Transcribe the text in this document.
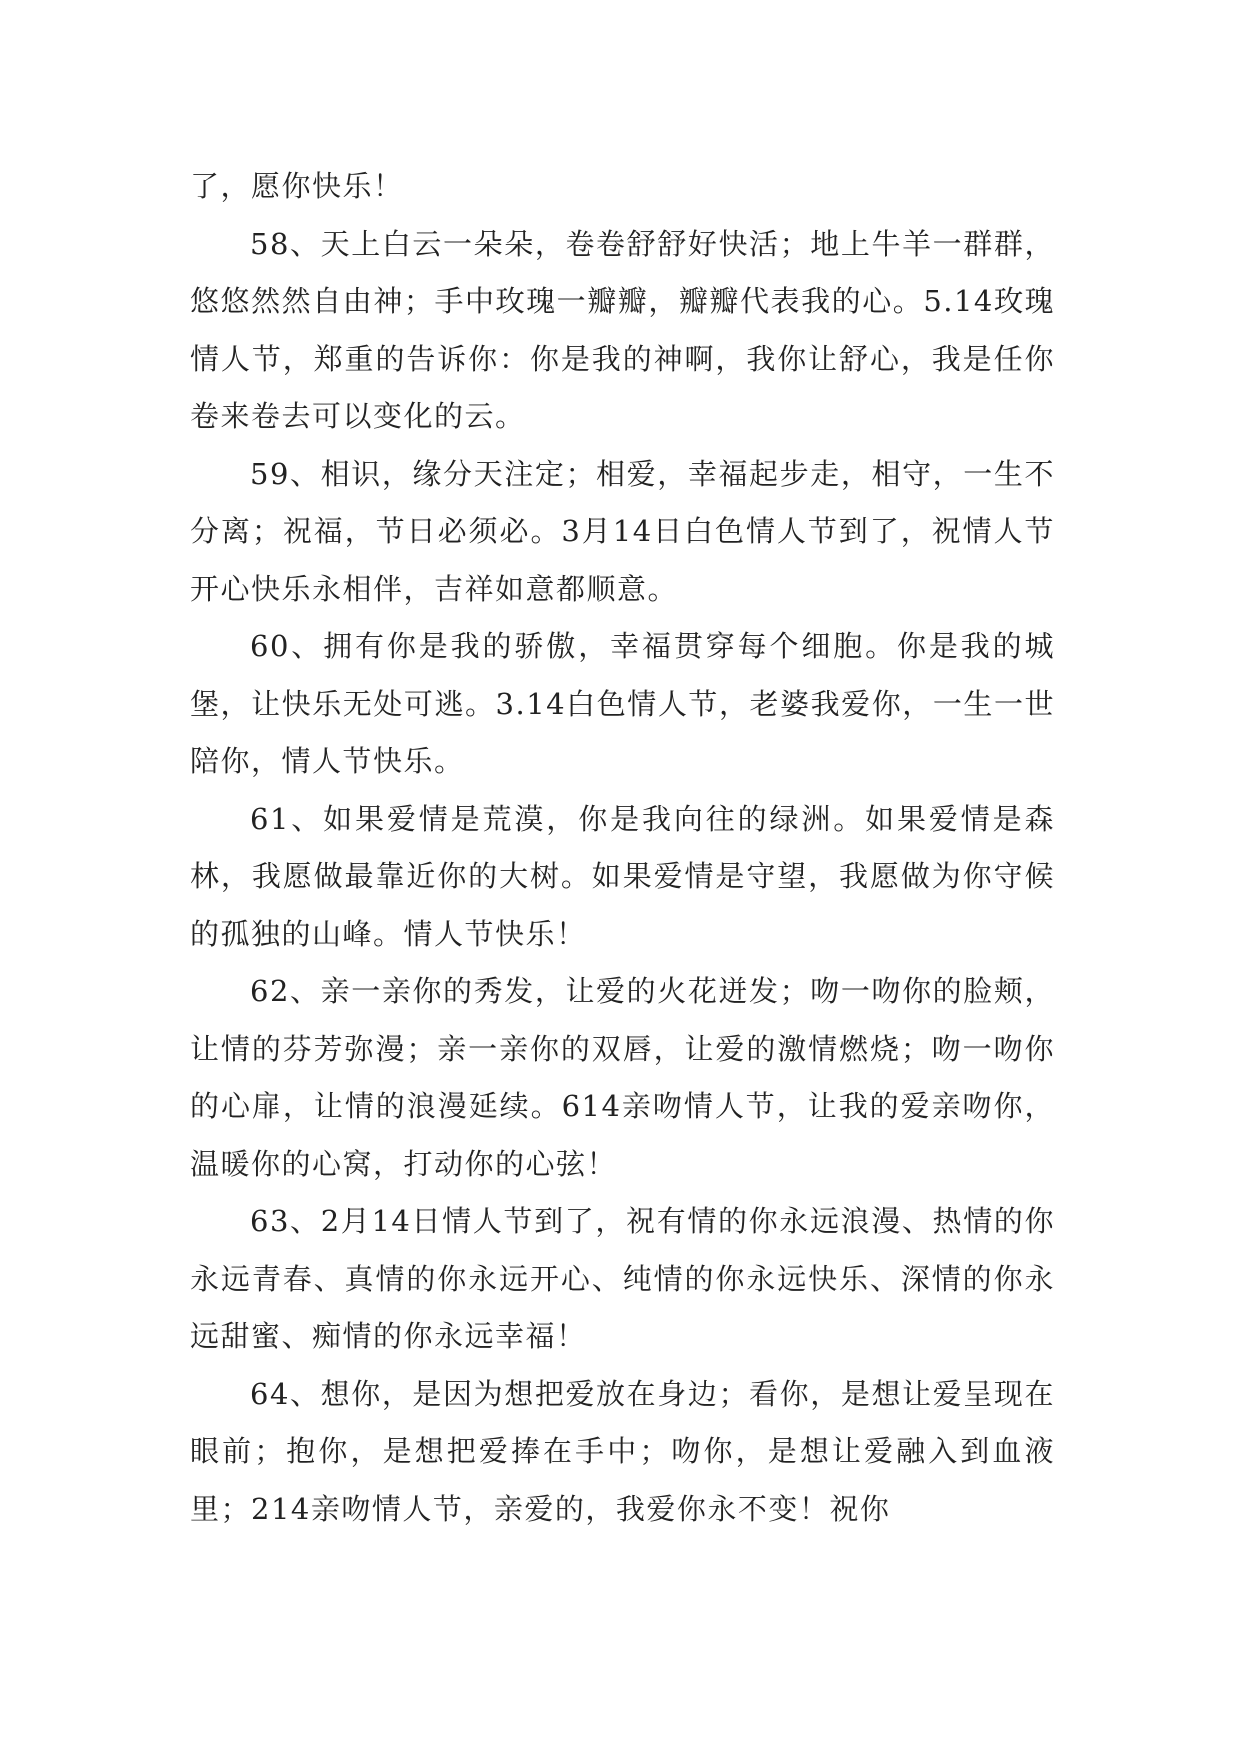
了，愿你快乐！

58、天上白云一朵朵，卷卷舒舒好快活；地上牛羊一群群，悠悠然然自由神；手中玫瑰一瓣瓣，瓣瓣代表我的心。5.14玫瑰情人节，郑重的告诉你：你是我的神啊，我你让舒心，我是任你卷来卷去可以变化的云。

59、相识，缘分天注定；相爱，幸福起步走，相守，一生不分离；祝福，节日必须必。3月14日白色情人节到了，祝情人节开心快乐永相伴，吉祥如意都顺意。

60、拥有你是我的骄傲，幸福贯穿每个细胞。你是我的城堡，让快乐无处可逃。3.14白色情人节，老婆我爱你，一生一世陪你，情人节快乐。

61、如果爱情是荒漠，你是我向往的绿洲。如果爱情是森林，我愿做最靠近你的大树。如果爱情是守望，我愿做为你守候的孤独的山峰。情人节快乐！

62、亲一亲你的秀发，让爱的火花迸发；吻一吻你的脸颊，让情的芬芳弥漫；亲一亲你的双唇，让爱的激情燃烧；吻一吻你的心扉，让情的浪漫延续。614亲吻情人节，让我的爱亲吻你，温暖你的心窝，打动你的心弦！

63、2月14日情人节到了，祝有情的你永远浪漫、热情的你永远青春、真情的你永远开心、纯情的你永远快乐、深情的你永远甜蜜、痴情的你永远幸福！

64、想你，是因为想把爱放在身边；看你，是想让爱呈现在眼前；抱你，是想把爱捧在手中；吻你，是想让爱融入到血液里；214亲吻情人节，亲爱的，我爱你永不变！祝你
